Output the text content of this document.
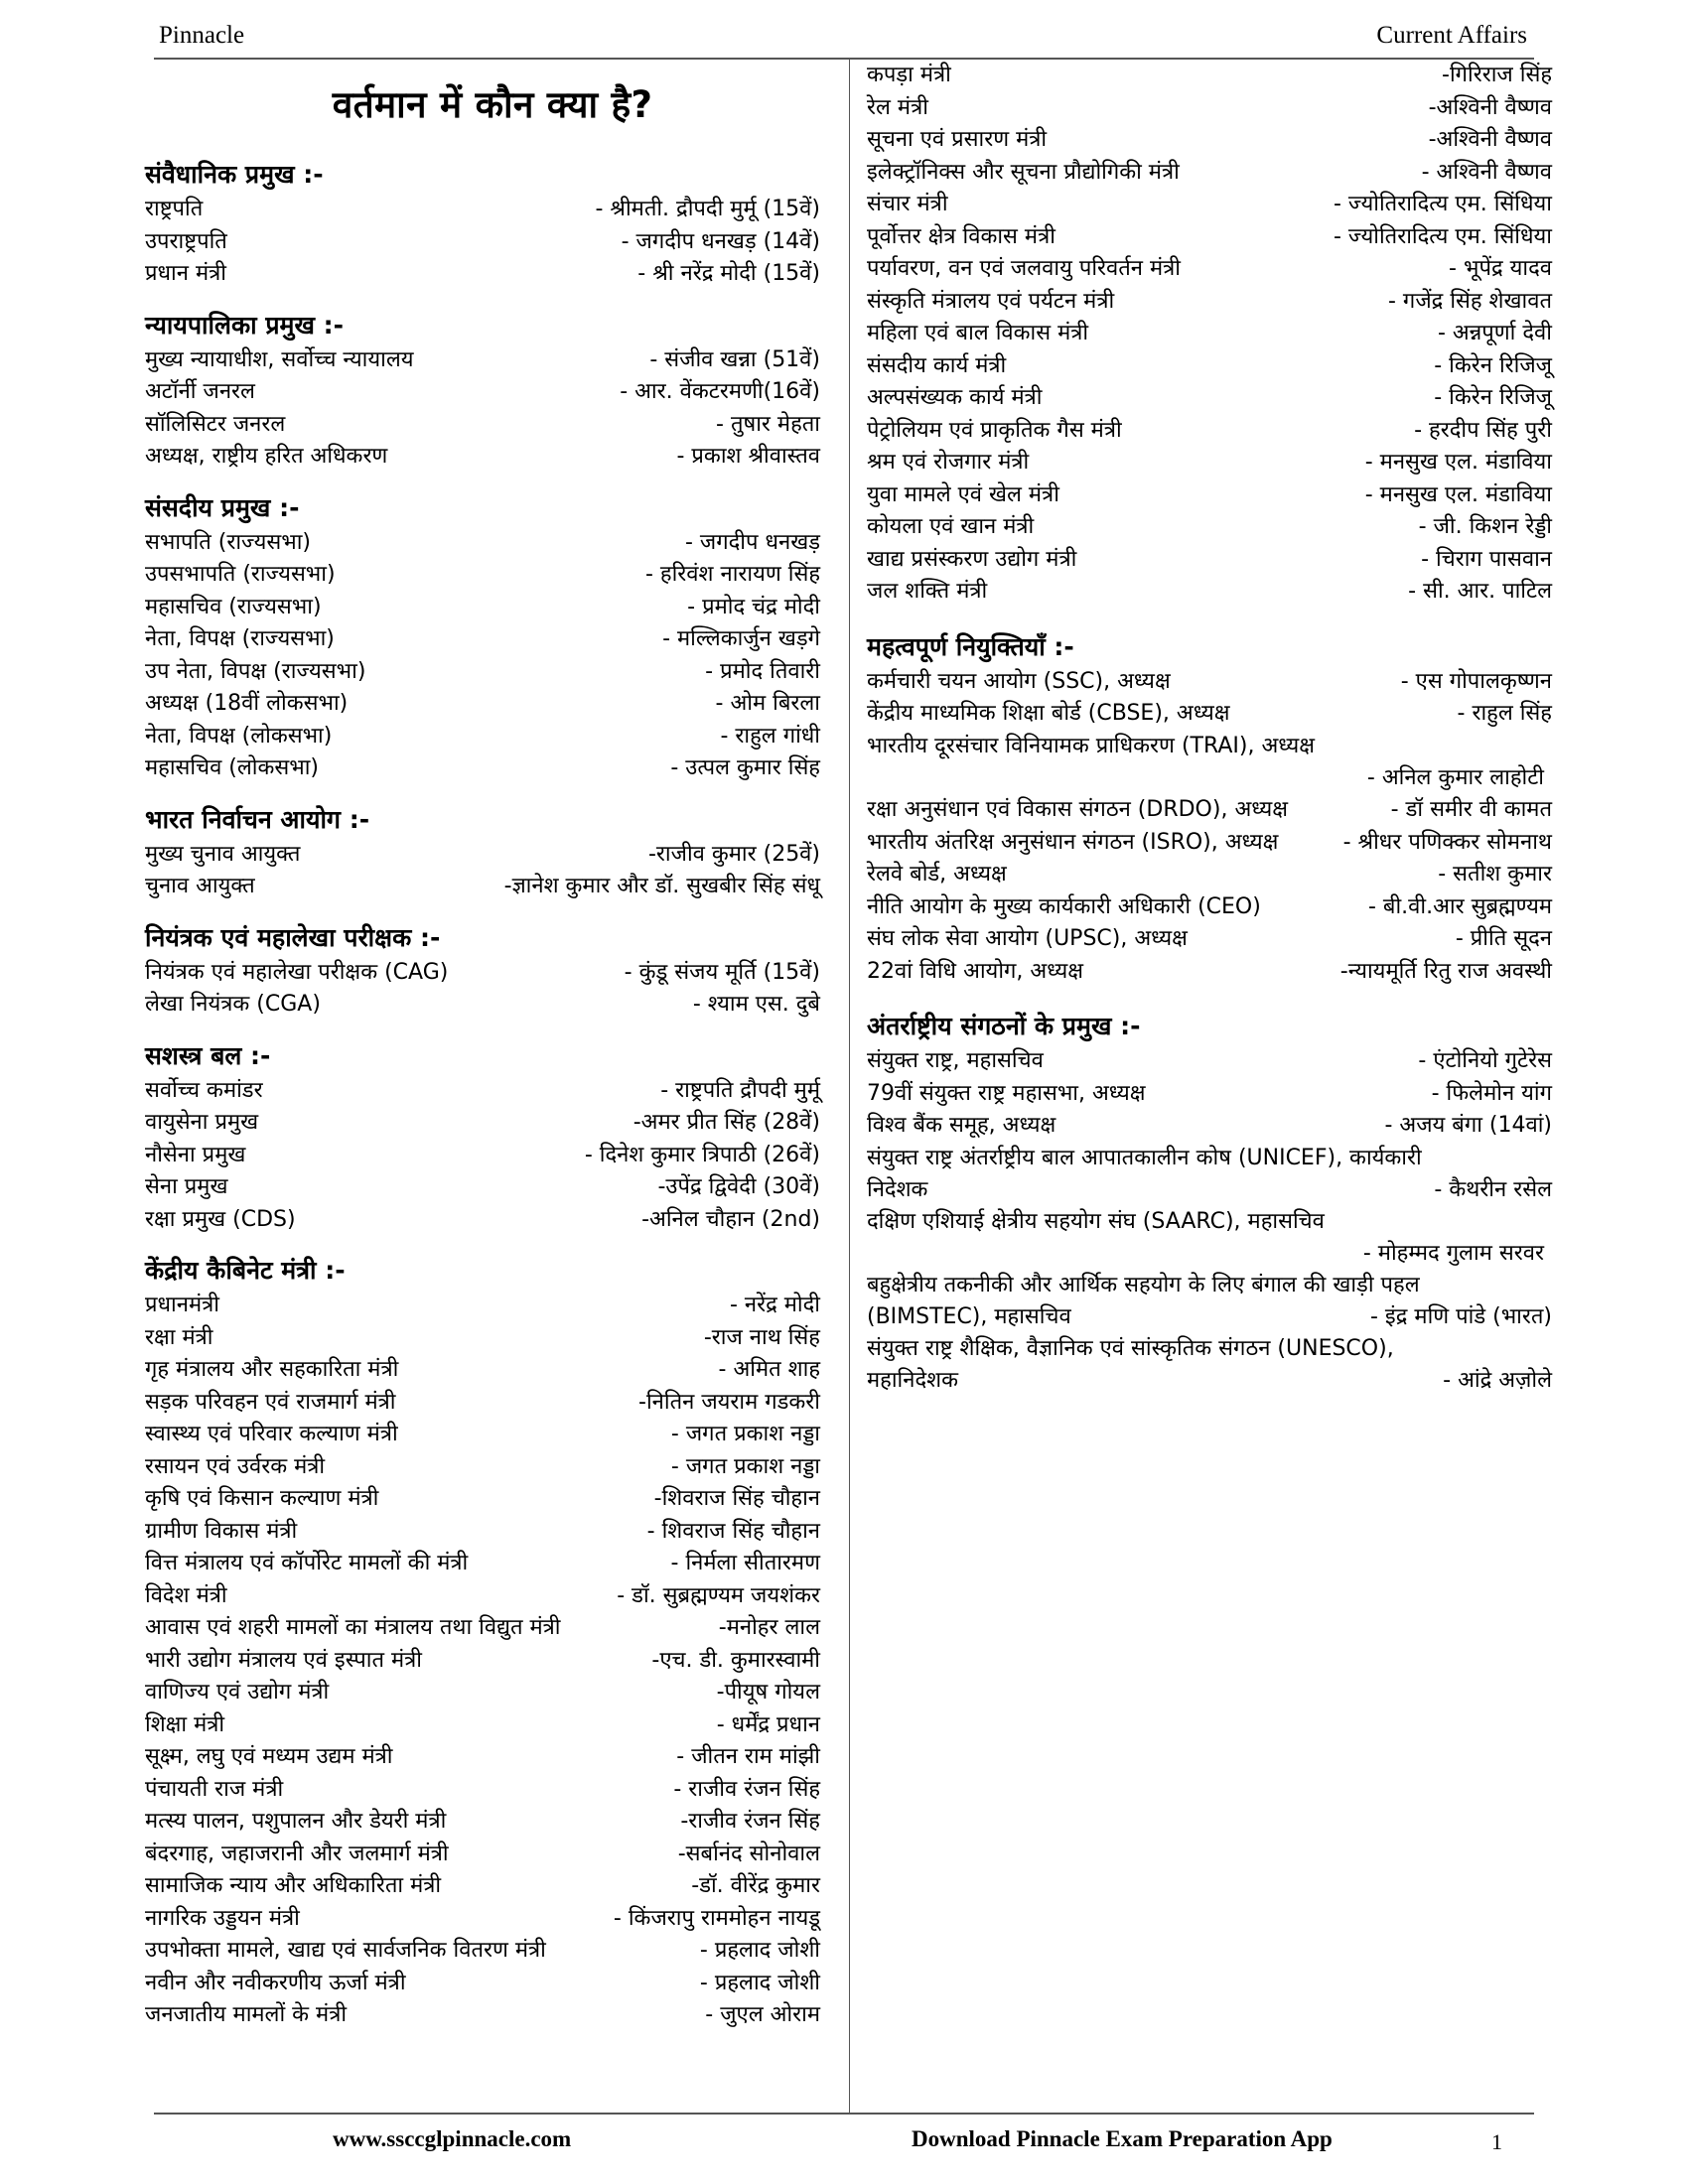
Pinnacle	Current Affairs
वर्तमान में कौन क्या है?
संवैधानिक प्रमुख :-
राष्ट्रपति	- श्रीमती. द्रौपदी मुर्मू (15वें)
उपराष्ट्रपति	- जगदीप धनखड़ (14वें)
प्रधान मंत्री	- श्री नरेंद्र मोदी (15वें)
न्यायपालिका प्रमुख :-
मुख्य न्यायाधीश, सर्वोच्च न्यायालय	- संजीव खन्ना (51वें)
अटॉर्नी जनरल	- आर. वेंकटरमणी(16वें)
सॉलिसिटर जनरल	- तुषार मेहता
अध्यक्ष, राष्ट्रीय हरित अधिकरण	- प्रकाश श्रीवास्तव
संसदीय प्रमुख :-
सभापति (राज्यसभा)	- जगदीप धनखड़
उपसभापति (राज्यसभा)	- हरिवंश नारायण सिंह
महासचिव (राज्यसभा)	- प्रमोद चंद्र मोदी
नेता, विपक्ष (राज्यसभा)	- मल्लिकार्जुन खड़गे
उप नेता, विपक्ष (राज्यसभा)	- प्रमोद तिवारी
अध्यक्ष (18वीं लोकसभा)	- ओम बिरला
नेता, विपक्ष (लोकसभा)	- राहुल गांधी
महासचिव (लोकसभा)	- उत्पल कुमार सिंह
भारत निर्वाचन आयोग :-
मुख्य चुनाव आयुक्त	-राजीव कुमार (25वें)
चुनाव आयुक्त	-ज्ञानेश कुमार और डॉ. सुखबीर सिंह संधू
नियंत्रक एवं महालेखा परीक्षक :-
नियंत्रक एवं महालेखा परीक्षक (CAG)	- कुंडू संजय मूर्ति (15वें)
लेखा नियंत्रक (CGA)	- श्याम एस. दुबे
सशस्त्र बल :-
सर्वोच्च कमांडर	- राष्ट्रपति द्रौपदी मुर्मू
वायुसेना प्रमुख	-अमर प्रीत सिंह (28वें)
नौसेना प्रमुख	- दिनेश कुमार त्रिपाठी (26वें)
सेना प्रमुख	-उपेंद्र द्विवेदी (30वें)
रक्षा प्रमुख (CDS)	-अनिल चौहान (2nd)
केंद्रीय कैबिनेट मंत्री :-
प्रधानमंत्री	- नरेंद्र मोदी
रक्षा मंत्री	-राज नाथ सिंह
गृह मंत्रालय और सहकारिता मंत्री	- अमित शाह
सड़क परिवहन एवं राजमार्ग मंत्री	-नितिन जयराम गडकरी
स्वास्थ्य एवं परिवार कल्याण मंत्री	- जगत प्रकाश नड्डा
रसायन एवं उर्वरक मंत्री	- जगत प्रकाश नड्डा
कृषि एवं किसान कल्याण मंत्री	-शिवराज सिंह चौहान
ग्रामीण विकास मंत्री	- शिवराज सिंह चौहान
वित्त मंत्रालय एवं कॉर्पोरेट मामलों की मंत्री	- निर्मला सीतारमण
विदेश मंत्री	- डॉ. सुब्रह्मण्यम जयशंकर
आवास एवं शहरी मामलों का मंत्रालय तथा विद्युत मंत्री	-मनोहर लाल
भारी उद्योग मंत्रालय एवं इस्पात मंत्री	-एच. डी. कुमारस्वामी
वाणिज्य एवं उद्योग मंत्री	-पीयूष गोयल
शिक्षा मंत्री	- धर्मेंद्र प्रधान
सूक्ष्म, लघु एवं मध्यम उद्यम मंत्री	- जीतन राम मांझी
पंचायती राज मंत्री	- राजीव रंजन सिंह
मत्स्य पालन, पशुपालन और डेयरी मंत्री	-राजीव रंजन सिंह
बंदरगाह, जहाजरानी और जलमार्ग मंत्री	-सर्बानंद सोनोवाल
सामाजिक न्याय और अधिकारिता मंत्री	-डॉ. वीरेंद्र कुमार
नागरिक उड्डयन मंत्री	- किंजरापु राममोहन नायडू
उपभोक्ता मामले, खाद्य एवं सार्वजनिक वितरण मंत्री	- प्रहलाद जोशी
नवीन और नवीकरणीय ऊर्जा मंत्री	- प्रहलाद जोशी
जनजातीय मामलों के मंत्री	- जुएल ओराम
कपड़ा मंत्री	-गिरिराज सिंह
रेल मंत्री	-अश्विनी वैष्णव
सूचना एवं प्रसारण मंत्री	-अश्विनी वैष्णव
इलेक्ट्रॉनिक्स और सूचना प्रौद्योगिकी मंत्री	- अश्विनी वैष्णव
संचार मंत्री	- ज्योतिरादित्य एम. सिंधिया
पूर्वोत्तर क्षेत्र विकास मंत्री	- ज्योतिरादित्य एम. सिंधिया
पर्यावरण, वन एवं जलवायु परिवर्तन मंत्री	- भूपेंद्र यादव
संस्कृति मंत्रालय एवं पर्यटन मंत्री	- गजेंद्र सिंह शेखावत
महिला एवं बाल विकास मंत्री	- अन्नपूर्णा देवी
संसदीय कार्य मंत्री	- किरेन रिजिजू
अल्पसंख्यक कार्य मंत्री	- किरेन रिजिजू
पेट्रोलियम एवं प्राकृतिक गैस मंत्री	- हरदीप सिंह पुरी
श्रम एवं रोजगार मंत्री	- मनसुख एल. मंडाविया
युवा मामले एवं खेल मंत्री	- मनसुख एल. मंडाविया
कोयला एवं खान मंत्री	- जी. किशन रेड्डी
खाद्य प्रसंस्करण उद्योग मंत्री	- चिराग पासवान
जल शक्ति मंत्री	- सी. आर. पाटिल
महत्वपूर्ण नियुक्तियाँ :-
कर्मचारी चयन आयोग (SSC), अध्यक्ष	- एस गोपालकृष्णन
केंद्रीय माध्यमिक शिक्षा बोर्ड (CBSE), अध्यक्ष	- राहुल सिंह
भारतीय दूरसंचार विनियामक प्राधिकरण (TRAI), अध्यक्ष
- अनिल कुमार लाहोटी
रक्षा अनुसंधान एवं विकास संगठन (DRDO), अध्यक्ष	- डॉ समीर वी कामत
भारतीय अंतरिक्ष अनुसंधान संगठन (ISRO), अध्यक्ष	- श्रीधर पणिक्कर सोमनाथ
रेलवे बोर्ड, अध्यक्ष	- सतीश कुमार
नीति आयोग के मुख्य कार्यकारी अधिकारी (CEO)	- बी.वी.आर सुब्रह्मण्यम
संघ लोक सेवा आयोग (UPSC), अध्यक्ष	- प्रीति सूदन
22वां विधि आयोग, अध्यक्ष	-न्यायमूर्ति रितु राज अवस्थी
अंतर्राष्ट्रीय संगठनों के प्रमुख :-
संयुक्त राष्ट्र, महासचिव	- एंटोनियो गुटेरेस
79वीं संयुक्त राष्ट्र महासभा, अध्यक्ष	- फिलेमोन यांग
विश्व बैंक समूह, अध्यक्ष	- अजय बंगा (14वां)
संयुक्त राष्ट्र अंतर्राष्ट्रीय बाल आपातकालीन कोष (UNICEF), कार्यकारी
निदेशक	- कैथरीन रसेल
दक्षिण एशियाई क्षेत्रीय सहयोग संघ (SAARC), महासचिव
- मोहम्मद गुलाम सरवर
बहुक्षेत्रीय तकनीकी और आर्थिक सहयोग के लिए बंगाल की खाड़ी पहल
(BIMSTEC), महासचिव	- इंद्र मणि पांडे (भारत)
संयुक्त राष्ट्र शैक्षिक, वैज्ञानिक एवं सांस्कृतिक संगठन (UNESCO),
महानिदेशक	- आंद्रे अज़ोले
www.ssccglpinnacle.com	Download Pinnacle Exam Preparation App	1
